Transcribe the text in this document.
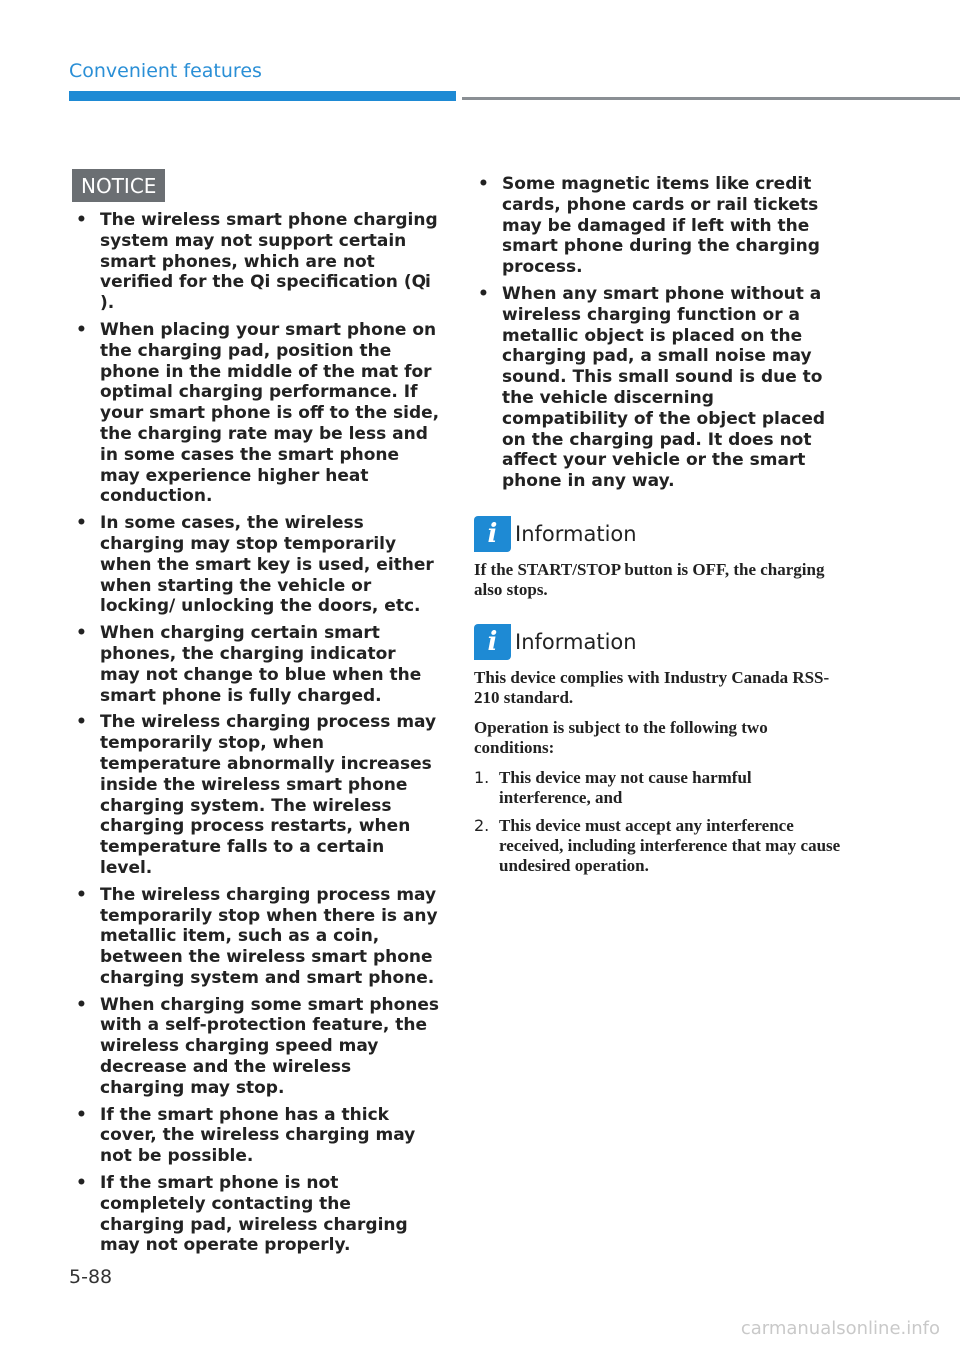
Convenient features
NOTICE
• The wireless smart phone charging system may not support certain smart phones, which are not verified for the Qi specification (Qi).
• When placing your smart phone on the charging pad, position the phone in the middle of the mat for optimal charging performance. If your smart phone is off to the side, the charging rate may be less and in some cases the smart phone may experience higher heat conduction.
• In some cases, the wireless charging may stop temporarily when the smart key is used, either when starting the vehicle or locking/ unlocking the doors, etc.
• When charging certain smart phones, the charging indicator may not change to blue when the smart phone is fully charged.
• The wireless charging process may temporarily stop, when temperature abnormally increases inside the wireless smart phone charging system. The wireless charging process restarts, when temperature falls to a certain level.
• The wireless charging process may temporarily stop when there is any metallic item, such as a coin, between the wireless smart phone charging system and smart phone.
• When charging some smart phones with a self-protection feature, the wireless charging speed may decrease and the wireless charging may stop.
• If the smart phone has a thick cover, the wireless charging may not be possible.
• If the smart phone is not completely contacting the charging pad, wireless charging may not operate properly.
• Some magnetic items like credit cards, phone cards or rail tickets may be damaged if left with the smart phone during the charging process.
• When any smart phone without a wireless charging function or a metallic object is placed on the charging pad, a small noise may sound. This small sound is due to the vehicle discerning compatibility of the object placed on the charging pad. It does not affect your vehicle or the smart phone in any way.
i Information

If the START/STOP button is OFF, the charging also stops.

i Information

This device complies with Industry Canada RSS-210 standard.

Operation is subject to the following two conditions:

1. This device may not cause harmful interference, and
2. This device must accept any interference received, including interference that may cause undesired operation.
5-88
carmanualsonline.info
